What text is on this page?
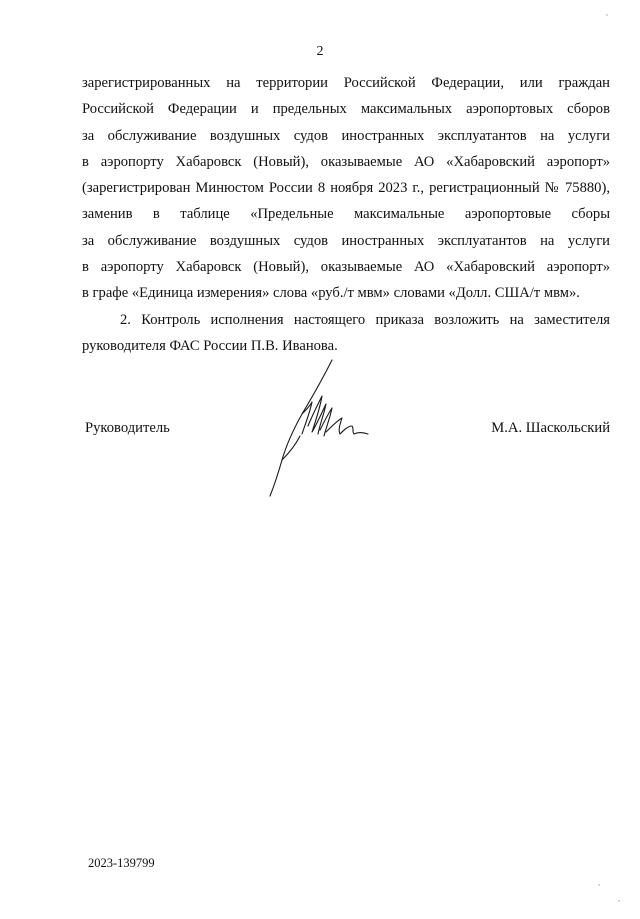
2
зарегистрированных на территории Российской Федерации, или граждан
Российской Федерации и предельных максимальных аэропортовых сборов
за обслуживание воздушных судов иностранных эксплуатантов на услуги
в аэропорту Хабаровск (Новый), оказываемые АО «Хабаровский аэропорт»
(зарегистрирован Минюстом России 8 ноября 2023 г., регистрационный № 75880),
заменив в таблице «Предельные максимальные аэропортовые сборы
за обслуживание воздушных судов иностранных эксплуатантов на услуги
в аэропорту Хабаровск (Новый), оказываемые АО «Хабаровский аэропорт»
в графе «Единица измерения» слова «руб./т мвм» словами «Долл. США/т мвм».
2. Контроль исполнения настоящего приказа возложить на заместителя
руководителя ФАС России П.В. Иванова.
Руководитель	М.А. Шаскольский
2023-139799
